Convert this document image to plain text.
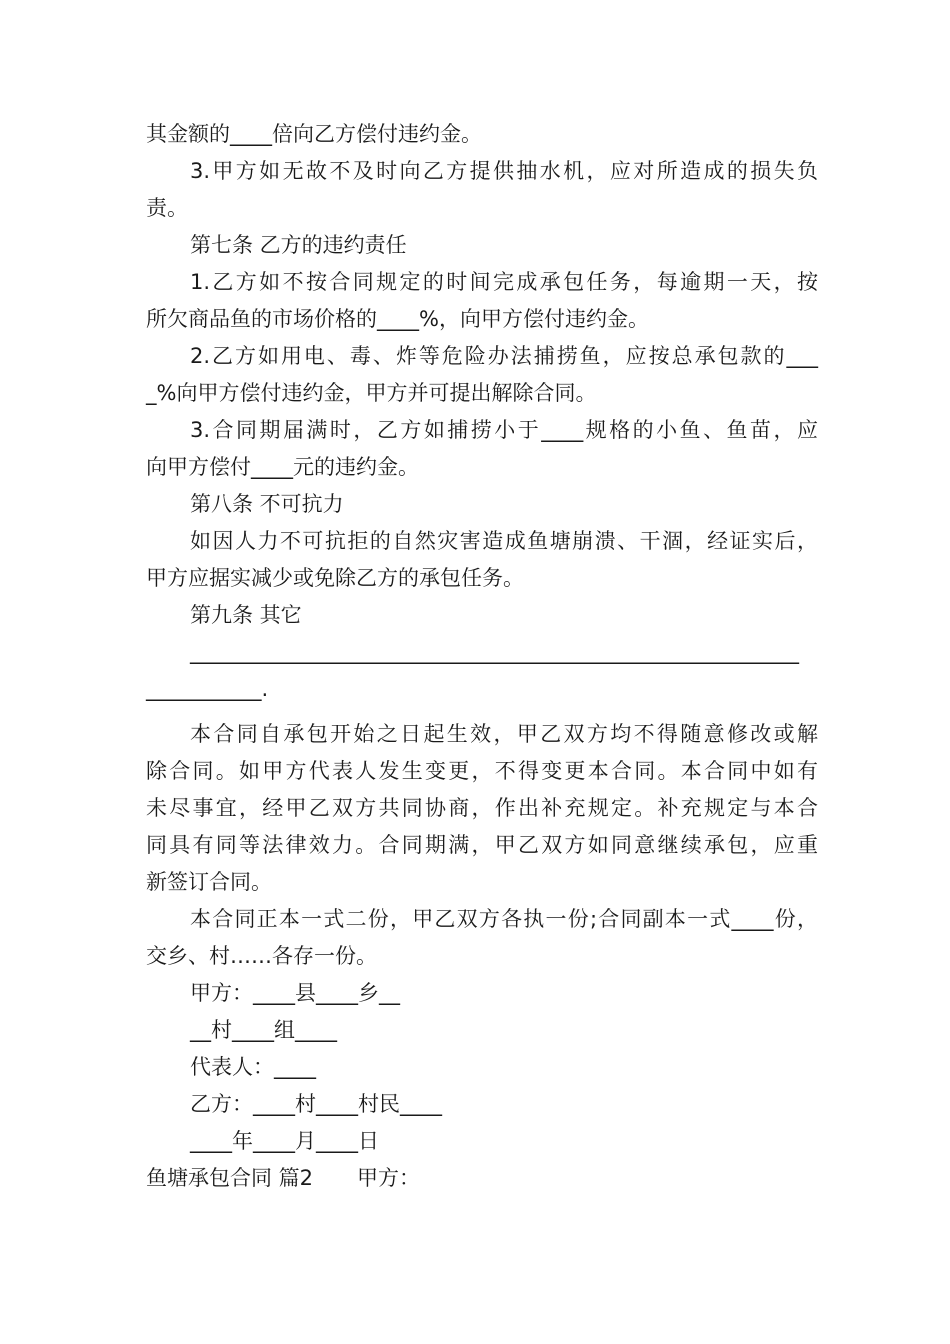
其金额的____倍向乙方偿付违约金。
3.甲方如无故不及时向乙方提供抽水机，应对所造成的损失负
责。
第七条 乙方的违约责任
1.乙方如不按合同规定的时间完成承包任务，每逾期一天，按
所欠商品鱼的市场价格的____%，向甲方偿付违约金。
2.乙方如用电、毒、炸等危险办法捕捞鱼，应按总承包款的___
_%向甲方偿付违约金，甲方并可提出解除合同。
3.合同期届满时，乙方如捕捞小于____规格的小鱼、鱼苗，应
向甲方偿付____元的违约金。
第八条 不可抗力
如因人力不可抗拒的自然灾害造成鱼塘崩溃、干涸，经证实后，
甲方应据实减少或免除乙方的承包任务。
第九条 其它
__________________________________________________________
___________.
本合同自承包开始之日起生效，甲乙双方均不得随意修改或解
除合同。如甲方代表人发生变更，不得变更本合同。本合同中如有
未尽事宜，经甲乙双方共同协商，作出补充规定。补充规定与本合
同具有同等法律效力。合同期满，甲乙双方如同意继续承包，应重
新签订合同。
本合同正本一式二份，甲乙双方各执一份;合同副本一式____份，
交乡、村……各存一份。
甲方：____县____乡__
__村____组____
代表人：____
乙方：____村____村民____
____年____月____日
鱼塘承包合同 篇2 甲方：
